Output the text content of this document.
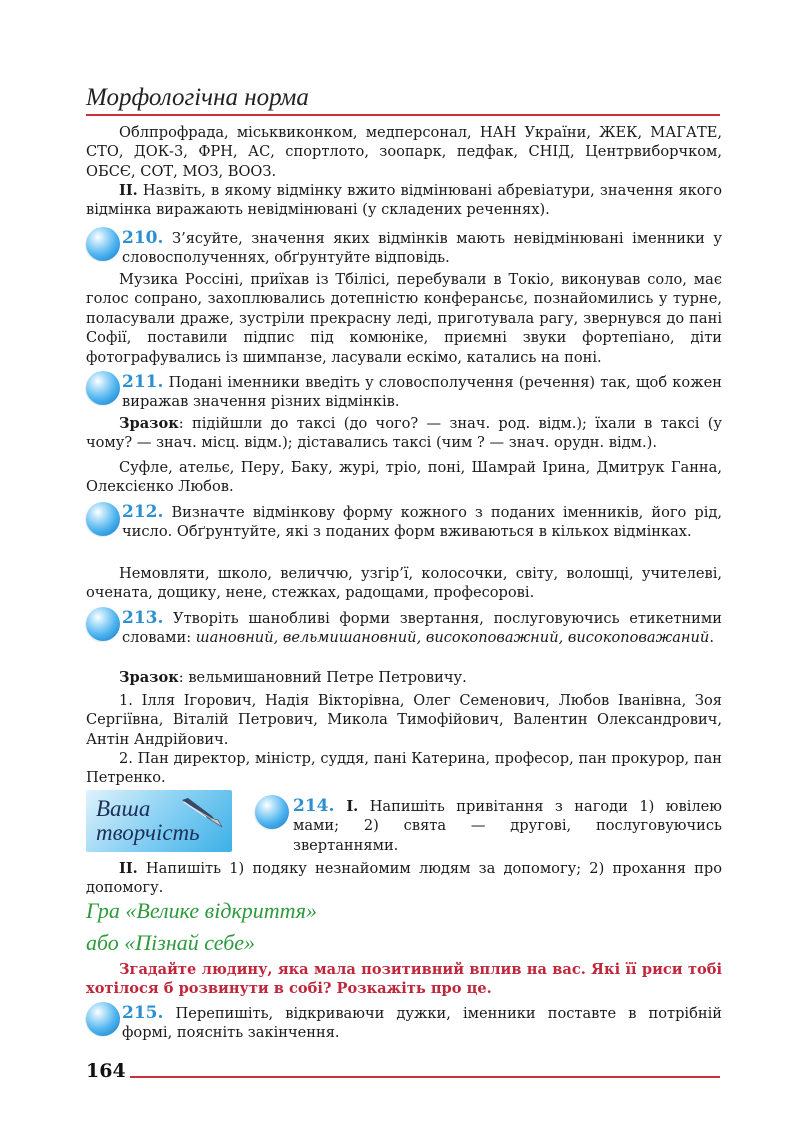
Морфологічна норма

Облпрофрада, міськвиконком, медперсонал, НАН України, ЖЕК, МАГАТЕ, СТО, ДОК-3, ФРН, АС, спортлото, зоопарк, педфак, СНІД, Центрвиборчком, ОБСЄ, СОТ, МОЗ, ВООЗ.

ІІ. Назвіть, в якому відмінку вжито відмінювані абревіатури, значення якого відмінка виражають невідмінювані (у складених реченнях).

210. З’ясуйте, значення яких відмінків мають невідмінювані іменники у словосполученнях, обґрунтуйте відповідь.

Музика Россіні, приїхав із Тбілісі, перебували в Токіо, виконував соло, має голос сопрано, захоплювались дотепністю конферансьє, познайомились у турне, поласували драже, зустріли прекрасну леді, приготувала рагу, звернувся до пані Софії, поставили підпис під комюніке, приємні звуки фортепіано, діти фотографувались із шимпанзе, ласували ескімо, катались на поні.

211. Подані іменники введіть у словосполучення (речення) так, щоб кожен виражав значення різних відмінків.

Зразок: підійшли до таксі (до чого? — знач. род. відм.); їхали в таксі (у чому? — знач. місц. відм.); діставались таксі (чим ? — знач. орудн. відм.).

Суфле, ательє, Перу, Баку, журі, тріо, поні, Шамрай Ірина, Дмитрук Ганна, Олексієнко Любов.

212. Визначте відмінкову форму кожного з поданих іменників, його рід, число. Обґрунтуйте, які з поданих форм вживаються в кількох відмінках.

Немовляти, школо, величчю, узгір’ї, колосочки, світу, волошці, учителеві, очената, дощику, нене, стежках, радощами, професорові.

213. Утворіть шанобливі форми звертання, послуговуючись етикетними словами: шановний, вельмишановний, високоповажний, високоповажаний.

Зразок: вельмишановний Петре Петровичу.

1. Ілля Ігорович, Надія Вікторівна, Олег Семенович, Любов Іванівна, Зоя Сергіївна, Віталій Петрович, Микола Тимофійович, Валентин Олександрович, Антін Андрійович.

2. Пан директор, міністр, суддя, пані Катерина, професор, пан прокурор, пан Петренко.

Ваша
творчість

214. І. Напишіть привітання з нагоди 1) ювілею мами; 2) свята — другові, послуговуючись звертаннями.

ІІ. Напишіть 1) подяку незнайомим людям за допомогу; 2) прохання про допомогу.

Гра «Велике відкриття»
або «Пізнай себе»

Згадайте людину, яка мала позитивний вплив на вас. Які її риси тобі хотілося б розвинути в собі? Розкажіть про це.

215. Перепишіть, відкриваючи дужки, іменники поставте в потрібній формі, поясніть закінчення.

164
